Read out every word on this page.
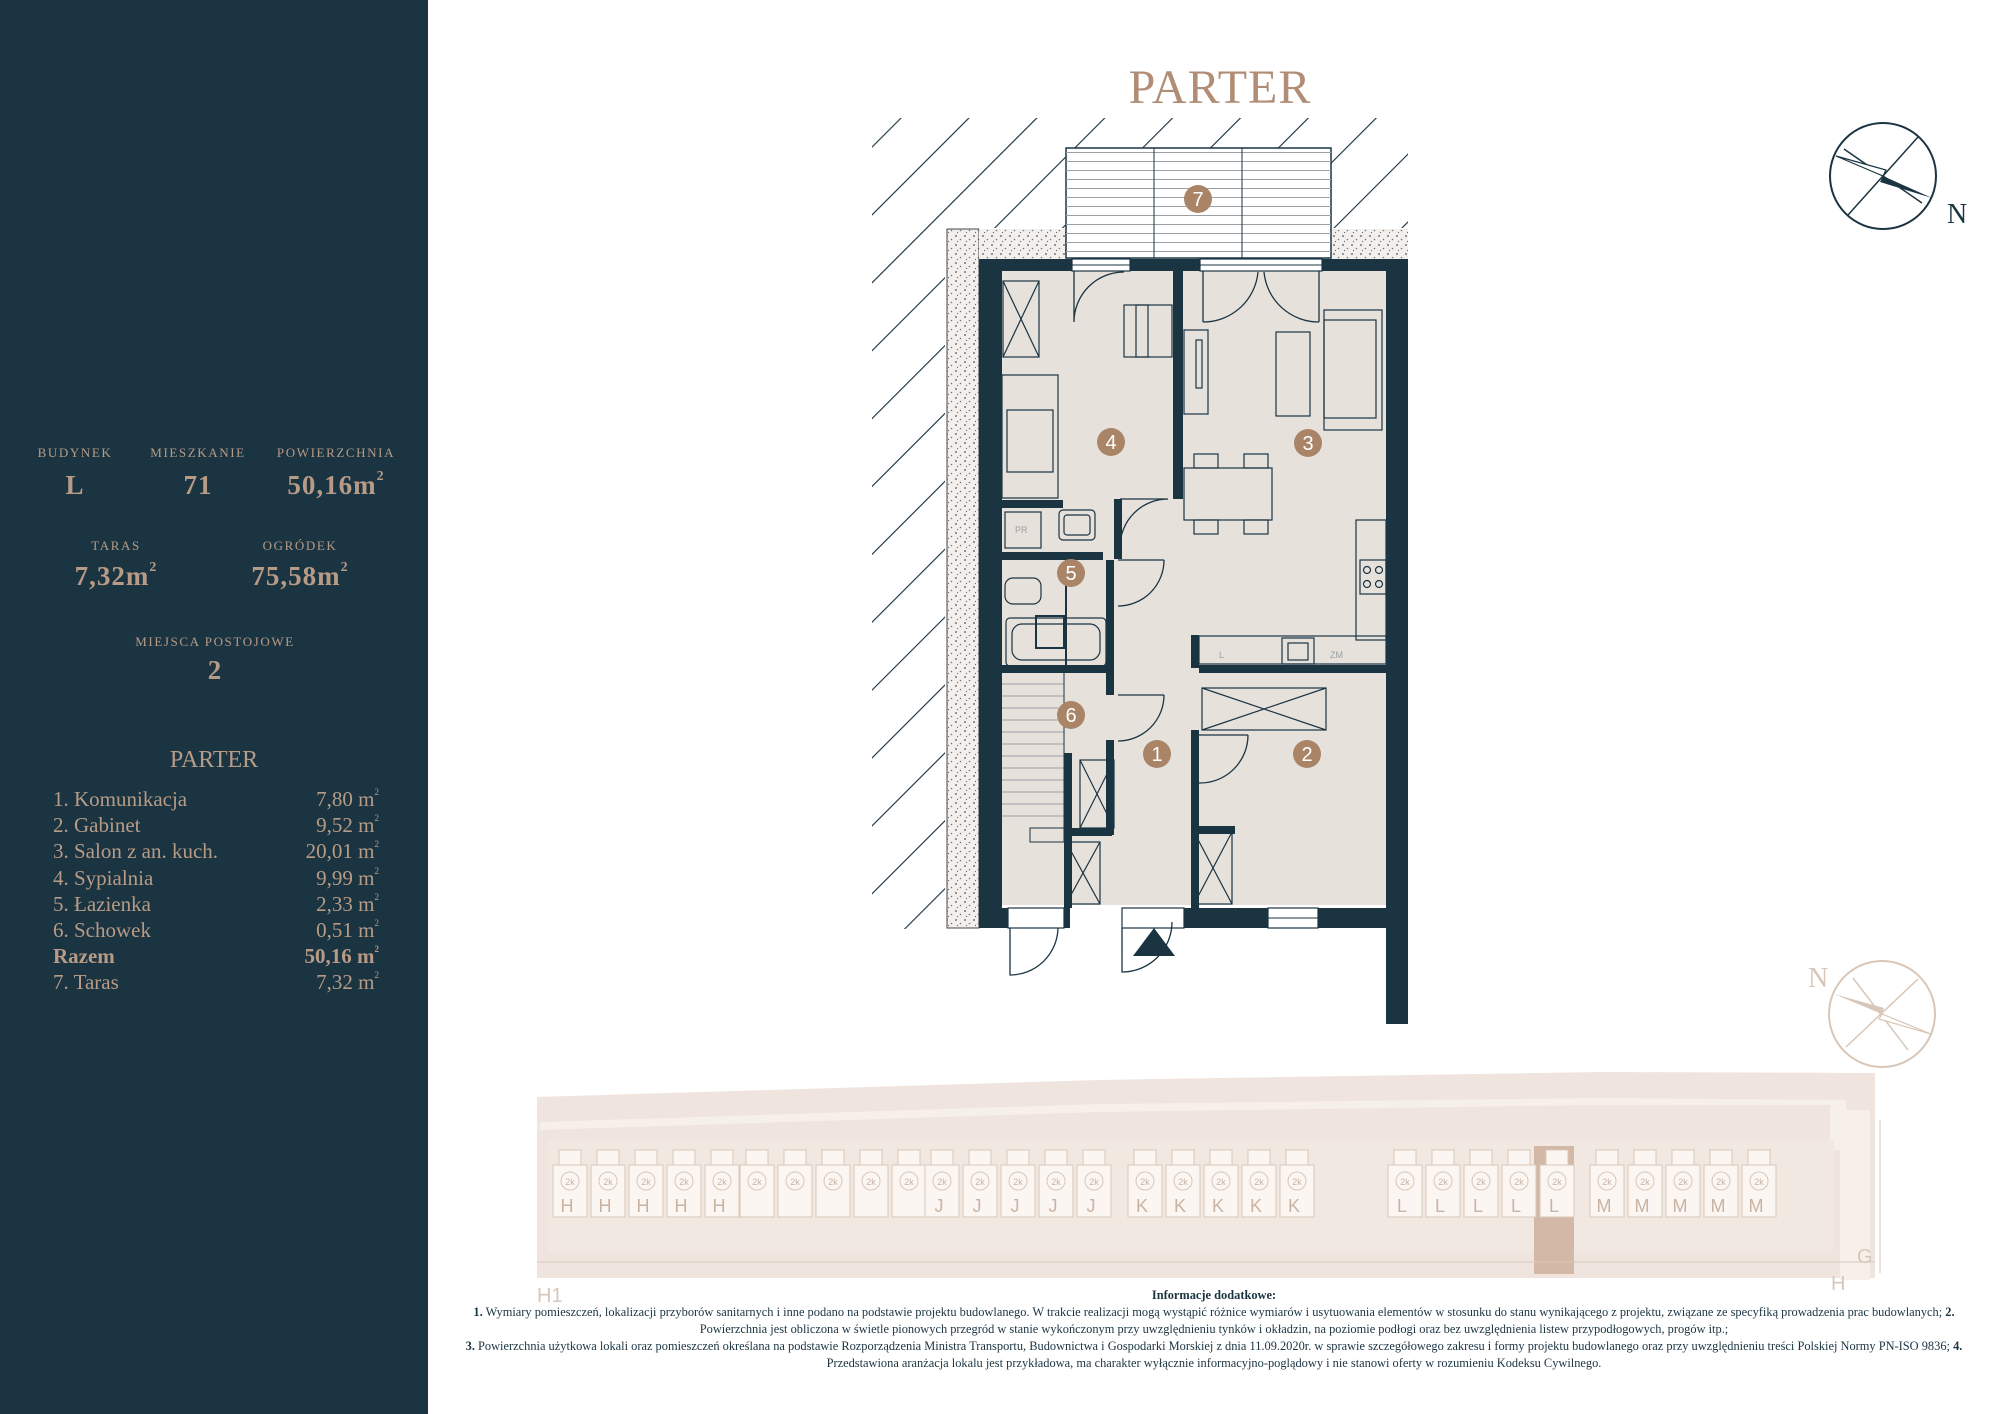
BUDYNEK	MIESZKANIE	POWIERZCHNIA
L	71	$50,16m^2$
TARAS	OGRÓDEK
$7,32m^2$	$75,58m^2$
MIEJSCA POSTOJOWE
2
PARTER
1. Komunikacja	7,80 $m^2$
2. Gabinet	9,52 $m^2$
3. Salon z an. kuch.	20,01 $m^2$
4. Sypialnia	9,99 $m^2$
5. Łazienka	2,33 $m^2$
6. Schowek	0,51 $m^2$
Razem	50,16 $m^2$
7. Taras	7,32 $m^2$
PARTER
L	ZM
PR
1	2
3
4
5
6
7	N
N
2k
H
2k
H
2k
H
2k
H
2k
H
2k	2k	2k	2k	2k	2k
J
2k
J
2k
J
2k
J
2k
J
2k
K
2k
K
2k
K
2k
K
2k
K
2k
L
2k
L
2k
L
2k
L
2k
L
2k
M
2k
M
2k
M
2k
M
2k
M
H1
H
G
Informacje dodatkowe:
1. Wymiary pomieszczeń, lokalizacji przyborów sanitarnych i inne podano na podstawie projektu budowlanego. W trakcie realizacji mogą wystąpić różnice wymiarów i usytuowania elementów w stosunku do stanu wynikającego z projektu, związane ze specyfiką prowadzenia prac budowlanych; 2. Powierzchnia jest obliczona w świetle pionowych przegród w stanie wykończonym przy uwzględnieniu tynków i okładzin, na poziomie podłogi oraz bez uwzględnienia listew przypodłogowych, progów itp.;
3. Powierzchnia użytkowa lokali oraz pomieszczeń określana na podstawie Rozporządzenia Ministra Transportu, Budownictwa i Gospodarki Morskiej z dnia 11.09.2020r. w sprawie szczegółowego zakresu i formy projektu budowlanego oraz przy uwzględnieniu treści Polskiej Normy PN-ISO 9836; 4. Przedstawiona aranżacja lokalu jest przykładowa, ma charakter wyłącznie informacyjno-poglądowy i nie stanowi oferty w rozumieniu Kodeksu Cywilnego.
